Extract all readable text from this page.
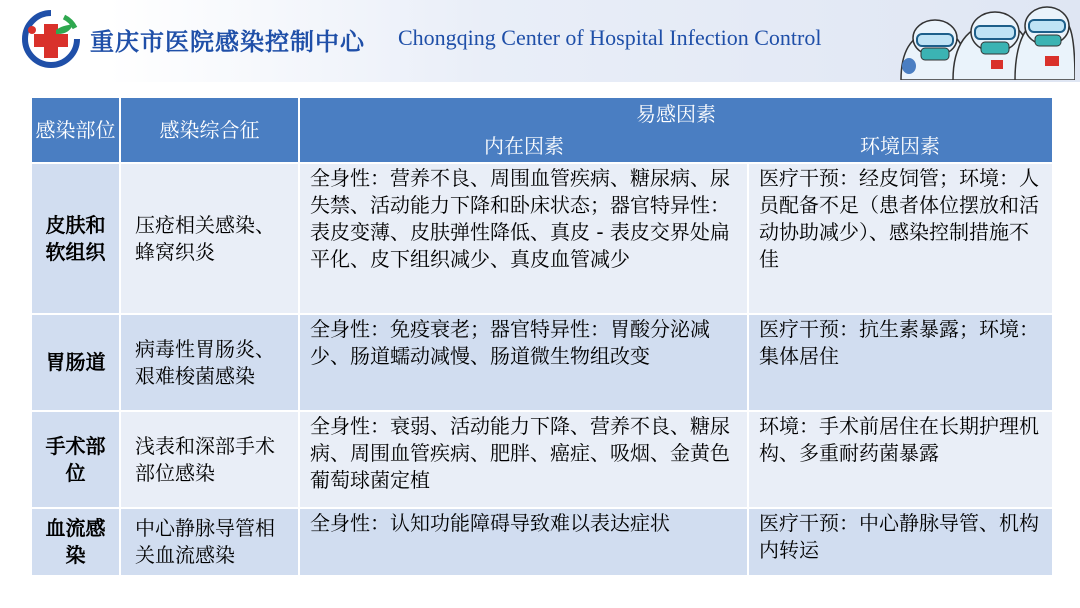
重庆市医院感染控制中心 Chongqing Center of Hospital Infection Control
感染部位	感染综合征	易感因素	
		内在因素	环境因素
皮肤和软组织	压疮相关感染、蜂窝织炎	全身性：营养不良、周围血管疾病、糖尿病、尿失禁、活动能力下降和卧床状态；器官特异性：表皮变薄、皮肤弹性降低、真皮 - 表皮交界处扁平化、皮下组织减少、真皮血管减少	医疗干预：经皮饲管；环境：人员配备不足（患者体位摆放和活动协助减少）、感染控制措施不佳
胃肠道	病毒性胃肠炎、艰难梭菌感染	全身性：免疫衰老；器官特异性：胃酸分泌减少、肠道蠕动减慢、肠道微生物组改变	医疗干预：抗生素暴露；环境：集体居住
手术部位	浅表和深部手术部位感染	全身性：衰弱、活动能力下降、营养不良、糖尿病、周围血管疾病、肥胖、癌症、吸烟、金黄色葡萄球菌定植	环境：手术前居住在长期护理机构、多重耐药菌暴露
血流感染	中心静脉导管相关血流感染	全身性：认知功能障碍导致难以表达症状	医疗干预：中心静脉导管、机构内转运
